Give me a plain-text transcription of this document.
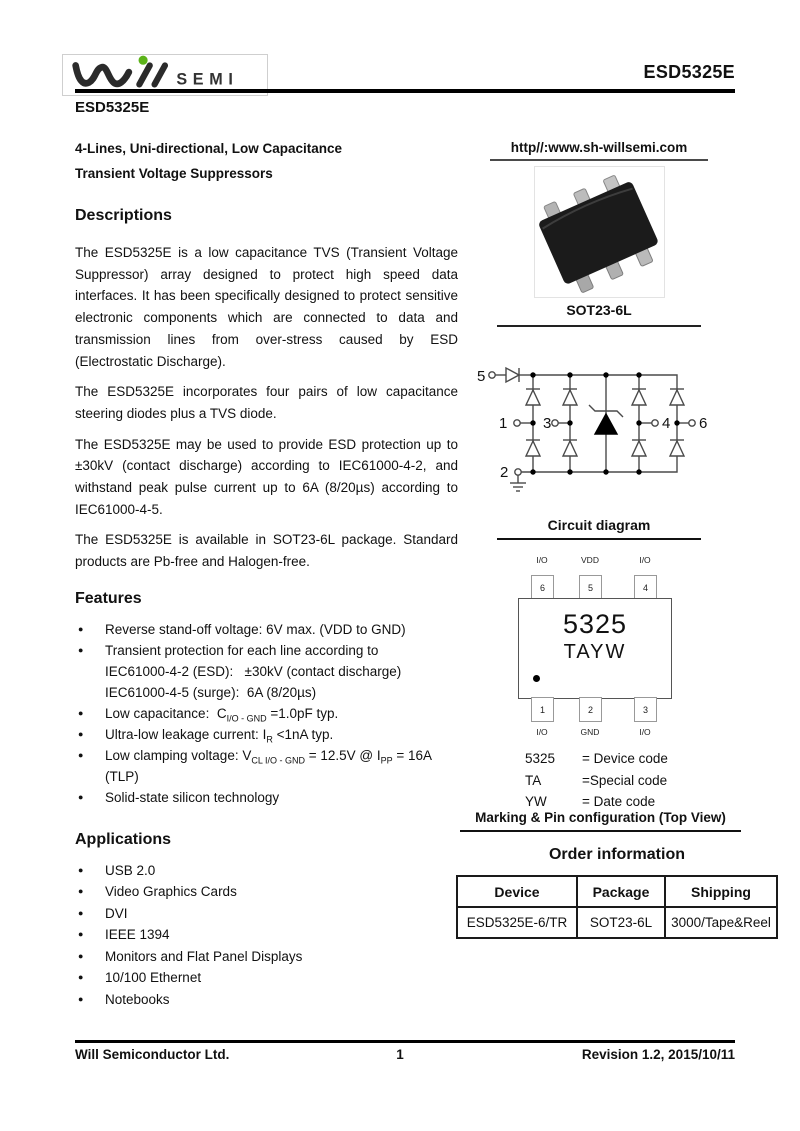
SEMI	ESD5325E
ESD5325E
4-Lines, Uni-directional, Low Capacitance
Transient Voltage Suppressors
Descriptions

The ESD5325E is a low capacitance TVS (Transient Voltage Suppressor) array designed to protect high speed data interfaces. It has been specifically designed to protect sensitive electronic components which are connected to data and transmission lines from over-stress caused by ESD (Electrostatic Discharge).

The ESD5325E incorporates four pairs of low capacitance steering diodes plus a TVS diode.

The ESD5325E may be used to provide ESD protection up to ±30kV (contact discharge) according to IEC61000-4-2, and withstand peak pulse current up to 6A (8/20µs) according to IEC61000-4-5.

The ESD5325E is available in SOT23-6L package. Standard products are Pb-free and Halogen-free.

Features
● Reverse stand-off voltage: 6V max. (VDD to GND)
● Transient protection for each line according to
IEC61000-4-2 (ESD):   ±30kV (contact discharge)
IEC61000-4-5 (surge):  6A (8/20µs)
● Low capacitance:  $C_{I/O - GND} =1.0pF$ typ.
● Ultra-low leakage current: $I_R <1nA$ typ.
● Low clamping voltage: $V_{CL I/O - GND} = 12.5V$ @ $I_{PP} = 16A$
(TLP)
● Solid-state silicon technology
Applications
● USB 2.0
● Video Graphics Cards
● DVI
● IEEE 1394
● Monitors and Flat Panel Displays
● 10/100 Ethernet
● Notebooks
http//:www.sh-willsemi.com
SOT23-6L
5
1 3	4 6
2
Circuit diagram
I/O	VDD	I/O
6	5	4
5325
TAYW
1	2	3
I/O	GND	I/O
5325 = Device code
TA	=Special code
YW	= Date code
Marking & Pin configuration (Top View)
Order information
Device	Package	Shipping
ESD5325E-6/TR	SOT23-6L	3000/Tape&Reel
Will Semiconductor Ltd.	1	Revision 1.2, 2015/10/11
